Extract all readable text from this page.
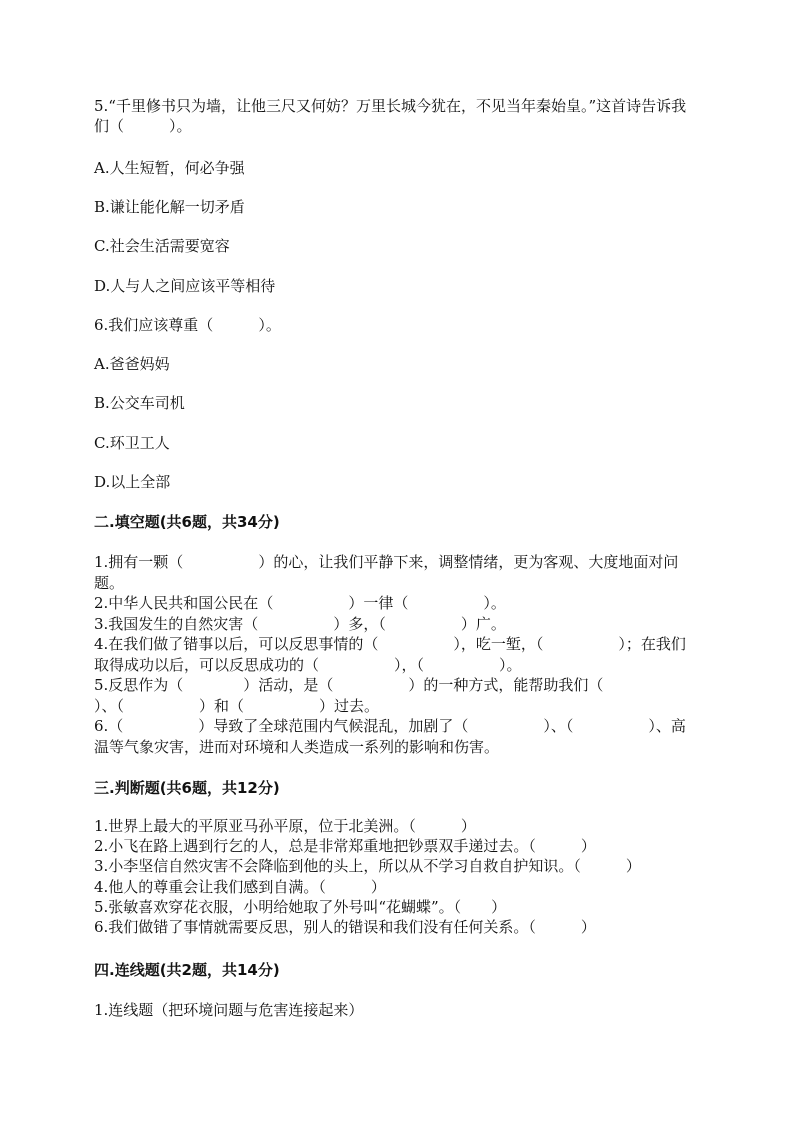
5.“千里修书只为墙，让他三尺又何妨？万里长城今犹在，不见当年秦始皇。”这首诗告诉我们（　　　）。
A.人生短暂，何必争强
B.谦让能化解一切矛盾
C.社会生活需要宽容
D.人与人之间应该平等相待
6.我们应该尊重（　　　）。
A.爸爸妈妈
B.公交车司机
C.环卫工人
D.以上全部
二.填空题(共6题，共34分)
1.拥有一颗（　　　　　）的心，让我们平静下来，调整情绪，更为客观、大度地面对问题。
2.中华人民共和国公民在（　　　　　）一律（　　　　　）。
3.我国发生的自然灾害（　　　　　）多，（　　　　　）广。
4.在我们做了错事以后，可以反思事情的（　　　　　），吃一堑，（　　　　　）；在我们取得成功以后，可以反思成功的（　　　　　），（　　　　　）。
5.反思作为（　　　　）活动，是（　　　　　）的一种方式，能帮助我们（　　　　　）、（　　　　　）和（　　　　　）过去。
6.（　　　　　）导致了全球范围内气候混乱，加剧了（　　　　　）、（　　　　　）、高温等气象灾害，进而对环境和人类造成一系列的影响和伤害。
三.判断题(共6题，共12分)
1.世界上最大的平原亚马孙平原，位于北美洲。（　　　）
2.小飞在路上遇到行乞的人，总是非常郑重地把钞票双手递过去。（　　　）
3.小李坚信自然灾害不会降临到他的头上，所以从不学习自救自护知识。（　　　）
4.他人的尊重会让我们感到自满。（　　　）
5.张敏喜欢穿花衣服，小明给她取了外号叫“花蝴蝶”。（　　）
6.我们做错了事情就需要反思，别人的错误和我们没有任何关系。（　　　）
四.连线题(共2题，共14分)
1.连线题（把环境问题与危害连接起来）
